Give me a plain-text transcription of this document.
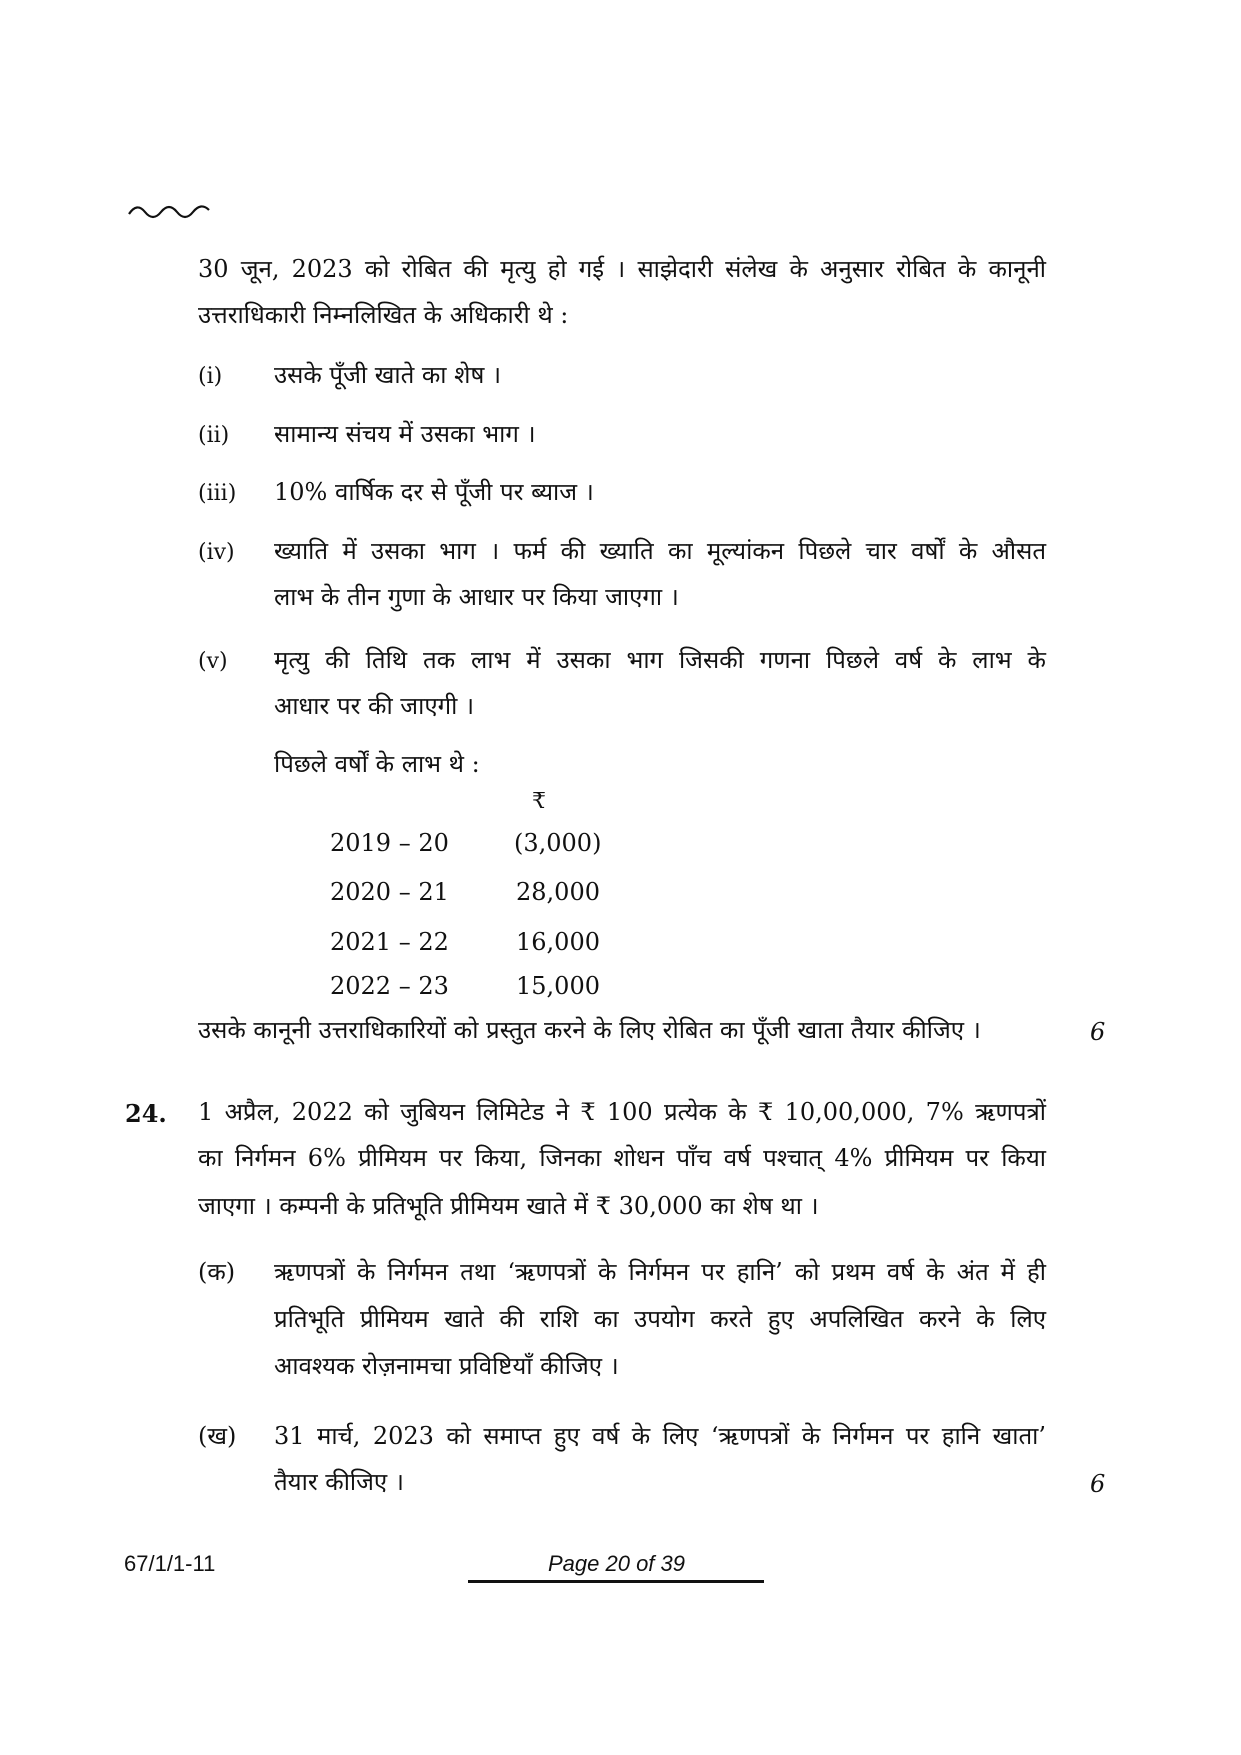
30 जून, 2023 को रोबित की मृत्यु हो गई । साझेदारी संलेख के अनुसार रोबित के कानूनी
उत्तराधिकारी निम्नलिखित के अधिकारी थे :
(i) उसके पूँजी खाते का शेष ।
(ii) सामान्य संचय में उसका भाग ।
(iii) 10% वार्षिक दर से पूँजी पर ब्याज ।
(iv) ख्याति में उसका भाग । फर्म की ख्याति का मूल्यांकन पिछले चार वर्षों के औसत
लाभ के तीन गुणा के आधार पर किया जाएगा ।
(v) मृत्यु की तिथि तक लाभ में उसका भाग जिसकी गणना पिछले वर्ष के लाभ के
आधार पर की जाएगी ।
पिछले वर्षों के लाभ थे :
₹
2019 – 20	(3,000)
2020 – 21	28,000
2021 – 22	16,000
2022 – 23	15,000
उसके कानूनी उत्तराधिकारियों को प्रस्तुत करने के लिए रोबित का पूँजी खाता तैयार कीजिए ।	6
24. 1 अप्रैल, 2022 को जुबियन लिमिटेड ने ₹ 100 प्रत्येक के ₹ 10,00,000, 7% ऋणपत्रों
का निर्गमन 6% प्रीमियम पर किया, जिनका शोधन पाँच वर्ष पश्चात् 4% प्रीमियम पर किया
जाएगा । कम्पनी के प्रतिभूति प्रीमियम खाते में ₹ 30,000 का शेष था ।
(क) ऋणपत्रों के निर्गमन तथा ‘ऋणपत्रों के निर्गमन पर हानि’ को प्रथम वर्ष के अंत में ही
प्रतिभूति प्रीमियम खाते की राशि का उपयोग करते हुए अपलिखित करने के लिए
आवश्यक रोज़नामचा प्रविष्टियाँ कीजिए ।
(ख) 31 मार्च, 2023 को समाप्त हुए वर्ष के लिए ‘ऋणपत्रों के निर्गमन पर हानि खाता’
तैयार कीजिए ।	6
67/1/1-11	Page 20 of 39
